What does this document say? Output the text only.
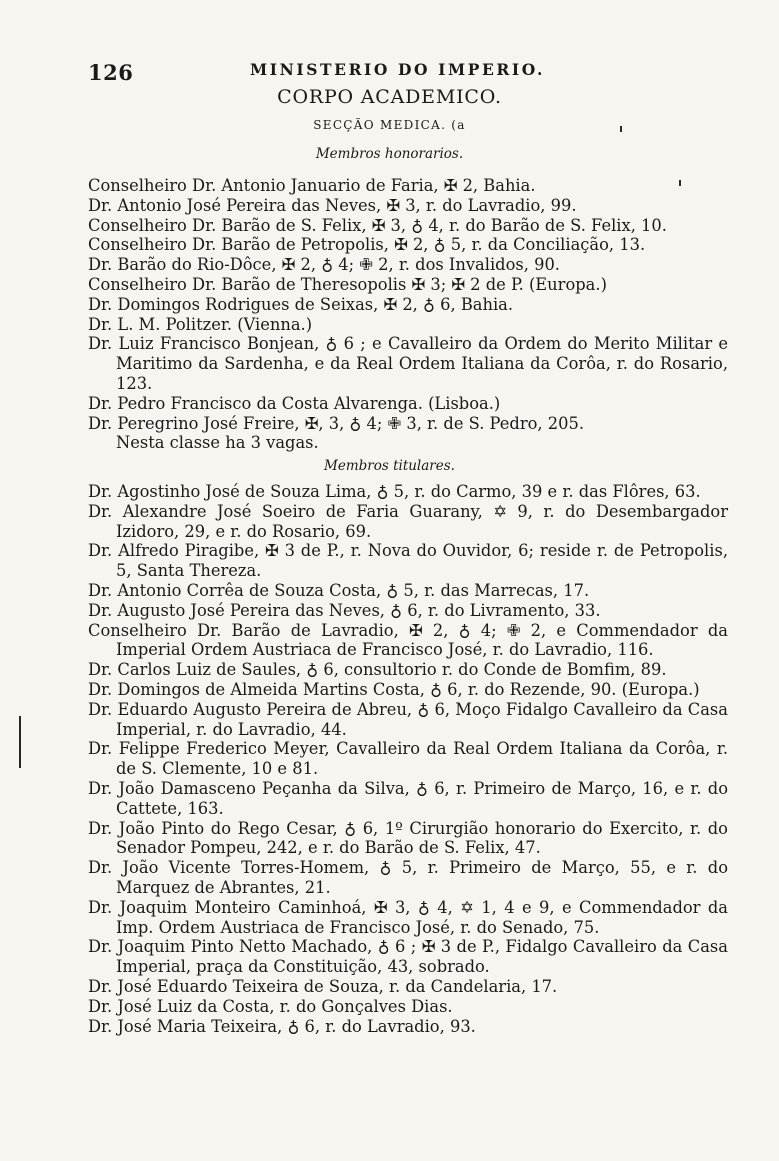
126	MINISTERIO DO IMPERIO.
CORPO ACADEMICO.
SECÇÃO MEDICA. (a
Membros honorarios.

Conselheiro Dr. Antonio Januario de Faria, ✠ 2, Bahia.

Dr. Antonio José Pereira das Neves, ✠ 3, r. do Lavradio, 99.

Conselheiro Dr. Barão de S. Felix, ✠ 3, ♁ 4, r. do Barão de S. Felix, 10.

Conselheiro Dr. Barão de Petropolis, ✠ 2, ♁ 5, r. da Conciliação, 13.

Dr. Barão do Rio-Dôce, ✠ 2, ♁ 4; ✙ 2, r. dos Invalidos, 90.

Conselheiro Dr. Barão de Theresopolis ✠ 3; ✠ 2 de P. (Europa.)

Dr. Domingos Rodrigues de Seixas, ✠ 2, ♁ 6, Bahia.

Dr. L. M. Politzer. (Vienna.)

Dr. Luiz Francisco Bonjean, ♁ 6 ; e Cavalleiro da Ordem do Merito Militar e Maritimo da Sardenha, e da Real Ordem Italiana da Corôa, r. do Rosario, 123.

Dr. Pedro Francisco da Costa Alvarenga. (Lisboa.)

Dr. Peregrino José Freire, ✠, 3, ♁ 4; ✙ 3, r. de S. Pedro, 205.

Nesta classe ha 3 vagas.

Membros titulares.

Dr. Agostinho José de Souza Lima, ♁ 5, r. do Carmo, 39 e r. das Flôres, 63.

Dr. Alexandre José Soeiro de Faria Guarany, ✡ 9, r. do Desembargador Izidoro, 29, e r. do Rosario, 69.

Dr. Alfredo Piragibe, ✠ 3 de P., r. Nova do Ouvidor, 6; reside r. de Petropolis, 5, Santa Thereza.

Dr. Antonio Corrêa de Souza Costa, ♁ 5, r. das Marrecas, 17.

Dr. Augusto José Pereira das Neves, ♁ 6, r. do Livramento, 33.

Conselheiro Dr. Barão de Lavradio, ✠ 2, ♁ 4; ✙ 2, e Commendador da Imperial Ordem Austriaca de Francisco José, r. do Lavradio, 116.

Dr. Carlos Luiz de Saules, ♁ 6, consultorio r. do Conde de Bomfim, 89.

Dr. Domingos de Almeida Martins Costa, ♁ 6, r. do Rezende, 90. (Europa.)

Dr. Eduardo Augusto Pereira de Abreu, ♁ 6, Moço Fidalgo Cavalleiro da Casa Imperial, r. do Lavradio, 44.

Dr. Felippe Frederico Meyer, Cavalleiro da Real Ordem Italiana da Corôa, r. de S. Clemente, 10 e 81.

Dr. João Damasceno Peçanha da Silva, ♁ 6, r. Primeiro de Março, 16, e r. do Cattete, 163.

Dr. João Pinto do Rego Cesar, ♁ 6, 1º Cirurgião honorario do Exercito, r. do Senador Pompeu, 242, e r. do Barão de S. Felix, 47.

Dr. João Vicente Torres-Homem, ♁ 5, r. Primeiro de Março, 55, e r. do Marquez de Abrantes, 21.

Dr. Joaquim Monteiro Caminhoá, ✠ 3, ♁ 4, ✡ 1, 4 e 9, e Commendador da Imp. Ordem Austriaca de Francisco José, r. do Senado, 75.

Dr. Joaquim Pinto Netto Machado, ♁ 6 ; ✠ 3 de P., Fidalgo Cavalleiro da Casa Imperial, praça da Constituição, 43, sobrado.

Dr. José Eduardo Teixeira de Souza, r. da Candelaria, 17.

Dr. José Luiz da Costa, r. do Gonçalves Dias.

Dr. José Maria Teixeira, ♁ 6, r. do Lavradio, 93.
